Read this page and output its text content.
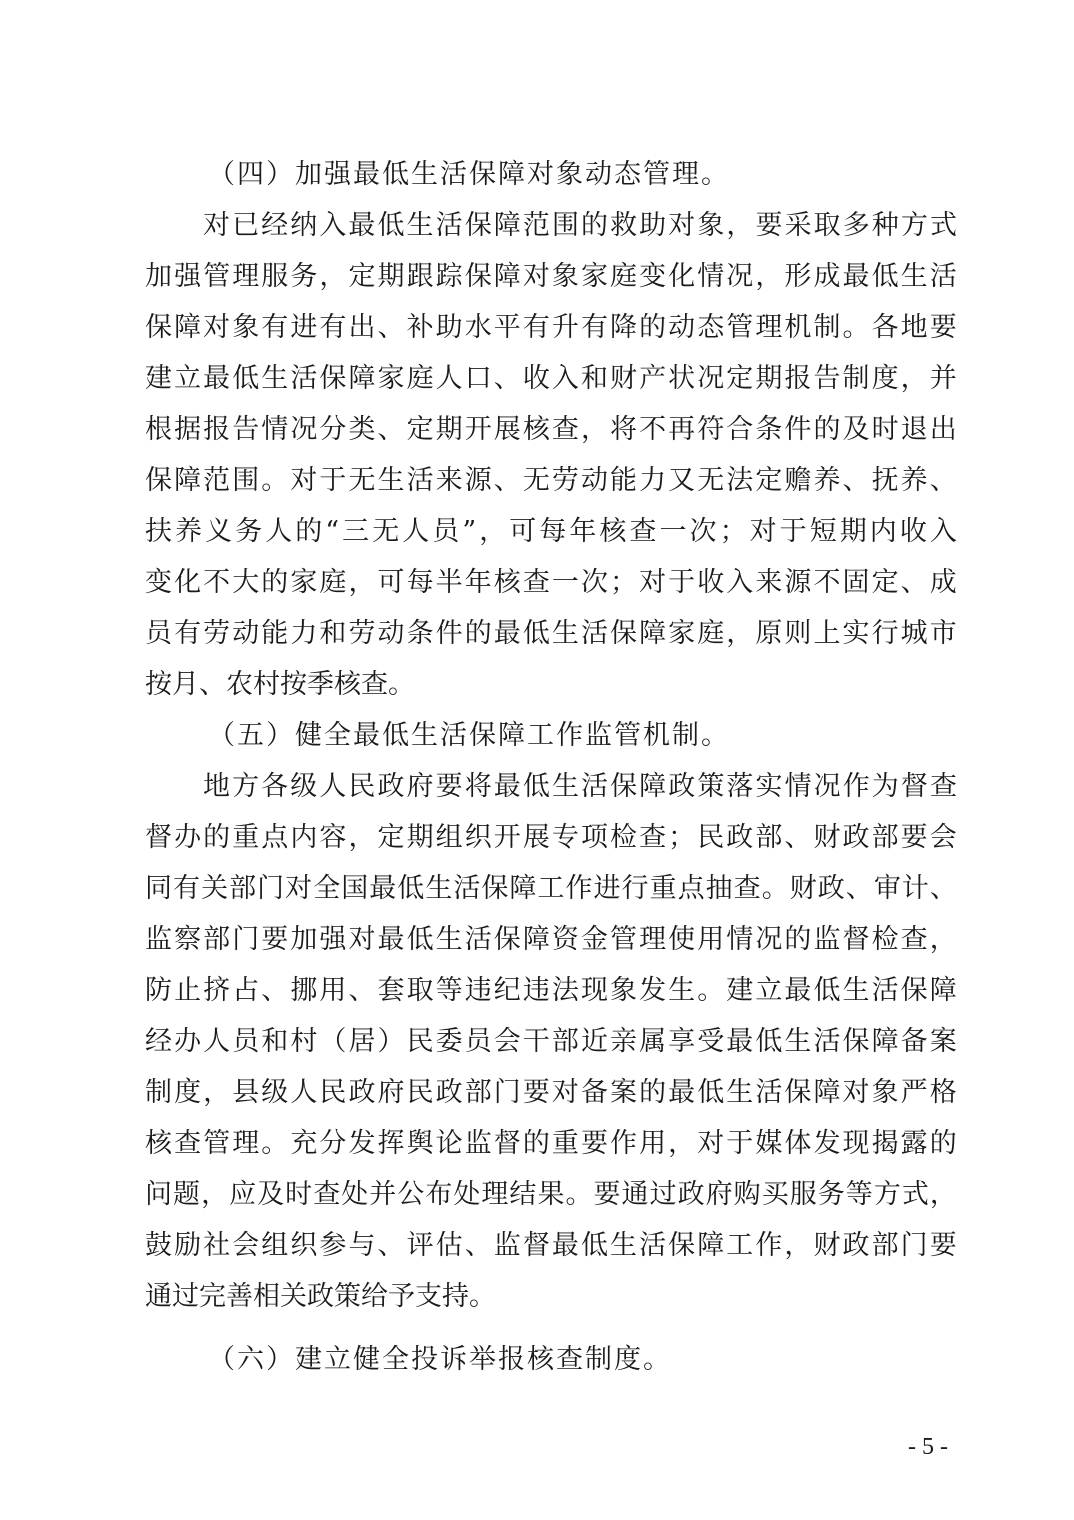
（四）加强最低生活保障对象动态管理。
对 已 经 纳 入 最 低 生 活 保 障 范 围 的 救 助 对 象 ， 要 采 取 多 种 方 式
加 强 管 理 服 务 ， 定 期 跟 踪 保 障 对 象 家 庭 变 化 情 况 ， 形 成 最 低 生 活
保 障 对 象 有 进 有 出 、 补 助 水 平 有 升 有 降 的 动 态 管 理 机 制 。 各 地 要
建 立 最 低 生 活 保 障 家 庭 人 口 、 收 入 和 财 产 状 况 定 期 报 告 制 度 ， 并
根 据 报 告 情 况 分 类 、 定 期 开 展 核 查 ， 将 不 再 符 合 条 件 的 及 时 退 出
保 障 范 围 。 对 于 无 生 活 来 源 、 无 劳 动 能 力 又 无 法 定 赡 养 、 抚 养 、
扶 养 义 务 人 的 “ 三 无 人 员 ” ， 可 每 年 核 查 一 次 ； 对 于 短 期 内 收 入
变 化 不 大 的 家 庭 ， 可 每 半 年 核 查 一 次 ； 对 于 收 入 来 源 不 固 定 、 成
员 有 劳 动 能 力 和 劳 动 条 件 的 最 低 生 活 保 障 家 庭 ， 原 则 上 实 行 城 市
按月、农村按季核查。
（五）健全最低生活保障工作监管机制。
地 方 各 级 人 民 政 府 要 将 最 低 生 活 保 障 政 策 落 实 情 况 作 为 督 查
督 办 的 重 点 内 容 ， 定 期 组 织 开 展 专 项 检 查 ； 民 政 部 、 财 政 部 要 会
同 有 关 部 门 对 全 国 最 低 生 活 保 障 工 作 进 行 重 点 抽 查 。 财 政 、 审 计 、
监 察 部 门 要 加 强 对 最 低 生 活 保 障 资 金 管 理 使 用 情 况 的 监 督 检 查 ，
防 止 挤 占 、 挪 用 、 套 取 等 违 纪 违 法 现 象 发 生 。 建 立 最 低 生 活 保 障
经 办 人 员 和 村 （ 居 ） 民 委 员 会 干 部 近 亲 属 享 受 最 低 生 活 保 障 备 案
制 度 ， 县 级 人 民 政 府 民 政 部 门 要 对 备 案 的 最 低 生 活 保 障 对 象 严 格
核 查 管 理 。 充 分 发 挥 舆 论 监 督 的 重 要 作 用 ， 对 于 媒 体 发 现 揭 露 的
问 题 ， 应 及 时 查 处 并 公 布 处 理 结 果 。 要 通 过 政 府 购 买 服 务 等 方 式 ，
鼓 励 社 会 组 织 参 与 、 评 估 、 监 督 最 低 生 活 保 障 工 作 ， 财 政 部 门 要
通过完善相关政策给予支持。
（六）建立健全投诉举报核查制度。
- 5 -
